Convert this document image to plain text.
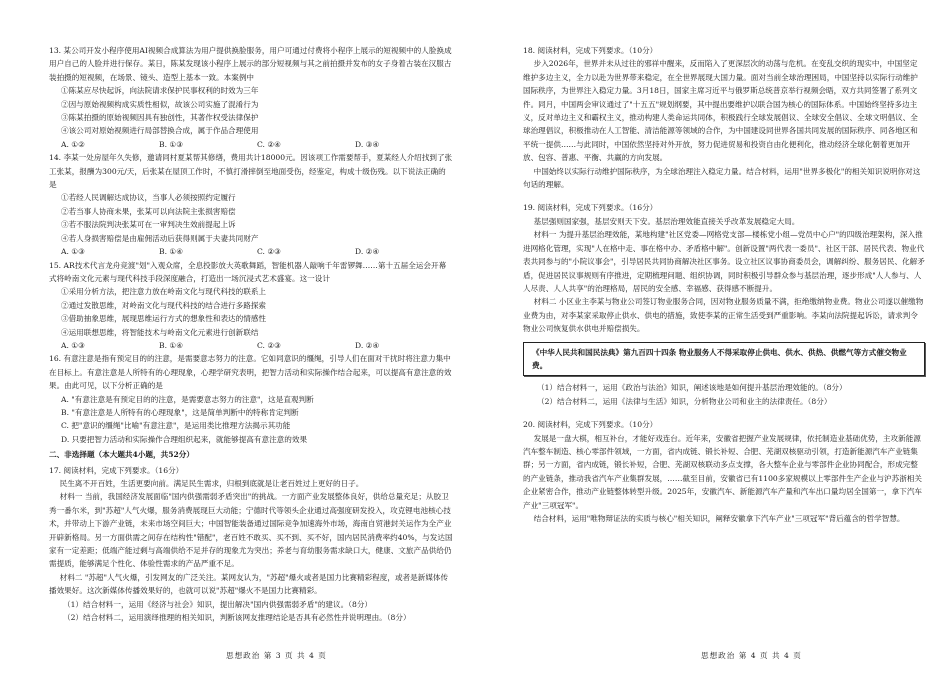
13. 某公司开发小程序使用AI视频合成算法为用户提供换脸服务，用户可通过付费将小程序上展示的短视频中的人脸换成用户自己的人脸并进行保存。某日，陈某发现该小程序上展示的部分短视频与其之前拍摄并发布的女子身着古装在汉服古装拍摄的短视频，在场景、镜头、造型上基本一致。本案例中

①陈某应尽快起诉，向法院请求保护民事权利的时效为三年
②因与原始视频构成实质性相似，故该公司实施了混淆行为
③陈某拍摄的原始视频因具有独创性，其著作权受法律保护
④该公司对原始视频进行局部替换合成，属于作品合理使用
A. ①②	B. ①③	C. ②④	D. ③④

14. 李某一处房屋年久失修，邀请同村夏某帮其修缮，费用共计18000元。因该项工作需要帮手，夏某经人介绍找到了张工张某，报酬为300元/天，后张某在屋顶工作时，不慎打滑摔倒至地面受伤，经鉴定，构成十级伤残。以下说法正确的是

①若经人民调解达成协议，当事人必须按照约定履行
②若当事人协商未果，张某可以向法院主张损害赔偿
③若不服法院判决张某可在一审判决生效前提起上诉
④若人身损害赔偿是由雇佣活动后获得则属于夫妻共同财产
A. ①③	B. ①④	C. ②③	D. ②④

15. AR技术代言龙舟竞渡"划"入观众席，全息投影放大英歌舞蹈，智能机器人敲响千年雷锣舞……第十五届全运会开幕式将岭南文化元素与现代科技手段深度融合，打造出一场沉浸式艺术盛宴。这一设计

①采用分析方法，把注意力放在岭南文化与现代科技的联系上
②通过发散思维，对岭南文化与现代科技的结合进行多路探索
③借助抽象思维，展现思维运行方式的想象性和表达的情感性
④运用联想思维，将智能技术与岭南文化元素进行创新联结
A. ①③	B. ①④	C. ②③	D. ②④

16. 有意注意是指有预定目的的注意，是需要意志努力的注意。它如同意识的缰绳，引导人们在面对干扰时将注意力集中在目标上。有意注意是人所特有的心理现象，心理学研究表明，把智力活动和实际操作结合起来，可以提高有意注意的效果。由此可见，以下分析正确的是

A. "有意注意是有预定目的的注意，是需要意志努力的注意"，这是直观判断
B. "有意注意是人所特有的心理现象"，这是简单判断中的特称肯定判断
C. 把"意识的缰绳"比喻"有意注意"，是运用类比推理方法揭示其功能
D. 只要把智力活动和实际操作合理组织起来，就能够提高有意注意的效果
二、非选择题（本大题共4小题，共52分）

17. 阅读材料，完成下列要求。（16分）

民生离不开百姓，生活更要向前。满足民生需求，归根到底就是让老百姓过上更好的日子。

材料一 当前，我国经济发展面临"国内供强需弱矛盾突出"的挑战。一方面产业发展整体良好，供给总量充足；从胶卫秀一番尔米，到"苏超"人气火爆，服务消费展现巨大动能；宁德时代等领头企业通过高强度研发投入，攻克锂电池核心技术，并带动上下游产业链，未来市场空间巨大；中国智能装备通过国际竞争加速海外市场，海南自贸港封关运作为全产业开辟新格局。另一方面供需之间存在结构性"错配"，老百姓不敢买、买不到、买不好，国内居民消费率约40%，与发达国家有一定差距；低端产能过剩与高端供给不足并存的现象尤为突出；养老与育幼服务需求缺口大，健康、文旅产品供给仍需提质，能够满足个性化、体验性需求的产品严重不足。

材料二 "苏超"人气火爆，引发网友的广泛关注。某网友认为，"苏超"爆火或者是国力比赛精彩程度，或者是新媒体传播效果好。这次新媒体传播效果好的，也就可以说"苏超"爆火不是国力比赛精彩。

（1）结合材料一，运用《经济与社会》知识，提出解决"国内供强需弱矛盾"的建议。（8分）

（2）结合材料二，运用演绎推理的相关知识，判断该网友推理结论是否具有必然性并说明理由。（8分）

18. 阅读材料，完成下列要求。（10分）

步入2026年，世界并未从过往的邪祥中醒来，反而陷入了更深层次的动荡与危机。在变乱交织的现实中，中国坚定维护多边主义，全力以赴为世界带来稳定，在全世界展现大国力量。面对当前全球治理困局，中国坚持以实际行动维护国际秩序，为世界注入稳定力量。3月18日，国家主席习近平与俄罗斯总统普京举行视频会晤，双方共同签署了系列文件。同月，中国两会审议通过了"十五五"规划纲要，其中提出要维护以联合国为核心的国际体系。中国始终坚持多边主义，反对单边主义和霸权主义，推动构建人类命运共同体，积极践行全球发展倡议、全球安全倡议、全球文明倡议、全球治理倡议，积极推动在人工智能、清洁能源等领域的合作，为中国建设同世界各国共同发展的国际秩序、同各地区和平统一提供……与此同时，中国依然坚持对外开放，努力促进贸易和投资自由化便利化，推动经济全球化朝着更加开放、包容、普惠、平衡、共赢的方向发展。

中国始终以实际行动维护国际秩序，为全球治理注入稳定力量。结合材料，运用"世界多极化"的相关知识说明你对这句话的理解。

19. 阅读材料，完成下列要求。（16分）

基层强则国家强，基层安则天下安。基层治理效能直接关乎改革发展稳定大局。

材料一 为提升基层治理效能，某地构建"社区党委—网格党支部—楼栋党小组—党员中心户"的四级治理架构，深入推进网格化管理，实现"人在格中走、事在格中办、矛盾格中解"。创新设置"两代表一委员"、社区干部、居民代表、物业代表共同参与的"小院议事会"，引导居民共同协商解决社区事务。设立社区议事协商委员会，调解纠纷、服务居民、化解矛盾，促进居民议事规则有序推进，定期梳理问题、组织协调，同时积极引导群众参与基层治理，逐步形成"人人参与、人人尽责、人人共享"的治理格局，居民的安全感、幸福感、获得感不断提升。

材料二 小区业主李某与物业公司签订物业服务合同，因对物业服务质量不满，拒绝缴纳物业费。物业公司遂以催缴物业费为由，对李某家采取停止供水、供电的措施，致使李某的正常生活受到严重影响。李某向法院提起诉讼，请求判令物业公司恢复供水供电并赔偿损失。

《中华人民共和国民法典》第九百四十四条 物业服务人不得采取停止供电、供水、供热、供燃气等方式催交物业费。

（1）结合材料一，运用《政治与法治》知识，阐述该地是如何提升基层治理效能的。（8分）

（2）结合材料二，运用《法律与生活》知识，分析物业公司和业主的法律责任。（8分）

20. 阅读材料，完成下列要求。（10分）

发展是一盘大棋，相互补台，才能好戏连台。近年来，安徽省把握产业发展规律，依托制造业基础优势，主攻新能源汽车整车制造、核心零部件领域，一方面，省内成链、锻长补短、合肥、芜湖双核驱动引领，打造新能源汽车产业链集群；另一方面，省内成链，锻长补短，合肥、芜湖双核联动多点支撑，各大整车企业与零部件企业协同配合，形成完整的产业链条，推动我省汽车产业集群发展，……截至目前，安徽省已有1100多家规模以上零部件生产企业与沪苏浙相关企业紧密合作，推动产业链整体转型升级。2025年，安徽汽车、新能源汽车产量和汽车出口量均居全国第一，拿下汽车产业"三项冠军"。

结合材料，运用"唯物辩证法的实质与核心"相关知识，阐释安徽拿下汽车产业"三项冠军"背后蕴含的哲学智慧。

思想政治 第 3 页 共 4 页	思想政治 第 4 页 共 4 页
